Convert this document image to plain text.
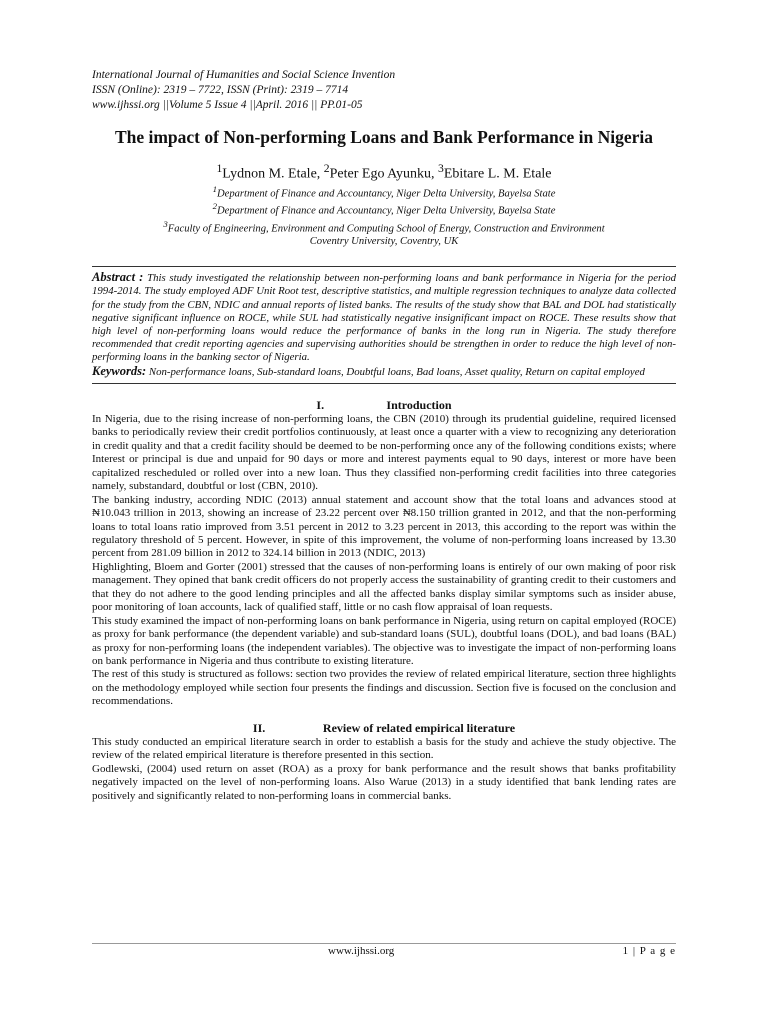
International Journal of Humanities and Social Science Invention
ISSN (Online): 2319 – 7722, ISSN (Print): 2319 – 7714
www.ijhssi.org ||Volume 5 Issue 4 ||April. 2016 || PP.01-05
The impact of Non-performing Loans and Bank Performance in Nigeria
$^1$Lydnon M. Etale, $^2$Peter Ego Ayunku, $^3$Ebitare L. M. Etale
$^1$Department of Finance and Accountancy, Niger Delta University, Bayelsa State
$^2$Department of Finance and Accountancy, Niger Delta University, Bayelsa State
$^3$Faculty of Engineering, Environment and Computing School of Energy, Construction and Environment
Coventry University, Coventry, UK
Abstract : This study investigated the relationship between non-performing loans and bank performance in Nigeria for the period 1994-2014. The study employed ADF Unit Root test, descriptive statistics, and multiple regression techniques to analyze data collected for the study from the CBN, NDIC and annual reports of listed banks. The results of the study show that BAL and DOL had statistically negative significant influence on ROCE, while SUL had statistically negative insignificant impact on ROCE. These results show that high level of non-performing loans would reduce the performance of banks in the long run in Nigeria. The study therefore recommended that credit reporting agencies and supervising authorities should be strengthen in order to reduce the high level of non-performing loans in the banking sector of Nigeria.
Keywords: Non-performance loans, Sub-standard loans, Doubtful loans, Bad loans, Asset quality, Return on capital employed
I.	Introduction

In Nigeria, due to the rising increase of non-performing loans, the CBN (2010) through its prudential guideline, required licensed banks to periodically review their credit portfolios continuously, at least once a quarter with a view to recognizing any deterioration in credit quality and that a credit facility should be deemed to be non-performing once any of the following conditions exists; where Interest or principal is due and unpaid for 90 days or more and interest payments equal to 90 days, interest or more have been capitalized rescheduled or rolled over into a new loan. Thus they classified non-performing credit facilities into three categories namely, substandard, doubtful or lost (CBN, 2010).

The banking industry, according NDIC (2013) annual statement and account show that the total loans and advances stood at ₦10.043 trillion in 2013, showing an increase of 23.22 percent over ₦8.150 trillion granted in 2012, and that the non-performing loans to total loans ratio improved from 3.51 percent in 2012 to 3.23 percent in 2013, this according to the report was within the regulatory threshold of 5 percent. However, in spite of this improvement, the volume of non-performing loans increased by 13.30 percent from 281.09 billion in 2012 to 324.14 billion in 2013 (NDIC, 2013)

Highlighting, Bloem and Gorter (2001) stressed that the causes of non-performing loans is entirely of our own making of poor risk management. They opined that bank credit officers do not properly access the sustainability of granting credit to their customers and that they do not adhere to the good lending principles and all the affected banks display similar symptoms such as insider abuse, poor monitoring of loan accounts, lack of qualified staff, little or no cash flow appraisal of loan requests.

This study examined the impact of non-performing loans on bank performance in Nigeria, using return on capital employed (ROCE) as proxy for bank performance (the dependent variable) and sub-standard loans (SUL), doubtful loans (DOL), and bad loans (BAL) as proxy for non-performing loans (the independent variables). The objective was to investigate the impact of non-performing loans on bank performance in Nigeria and thus contribute to existing literature.

The rest of this study is structured as follows: section two provides the review of related empirical literature, section three highlights on the methodology employed while section four presents the findings and discussion. Section five is focused on the conclusion and recommendations.

II.	Review of related empirical literature

This study conducted an empirical literature search in order to establish a basis for the study and achieve the study objective. The review of the related empirical literature is therefore presented in this section.

Godlewski, (2004) used return on asset (ROA) as a proxy for bank performance and the result shows that banks profitability negatively impacted on the level of non-performing loans. Also Warue (2013) in a study identified that bank lending rates are positively and significantly related to non-performing loans in commercial banks.

www.ijhssi.org	1 | P a g e
